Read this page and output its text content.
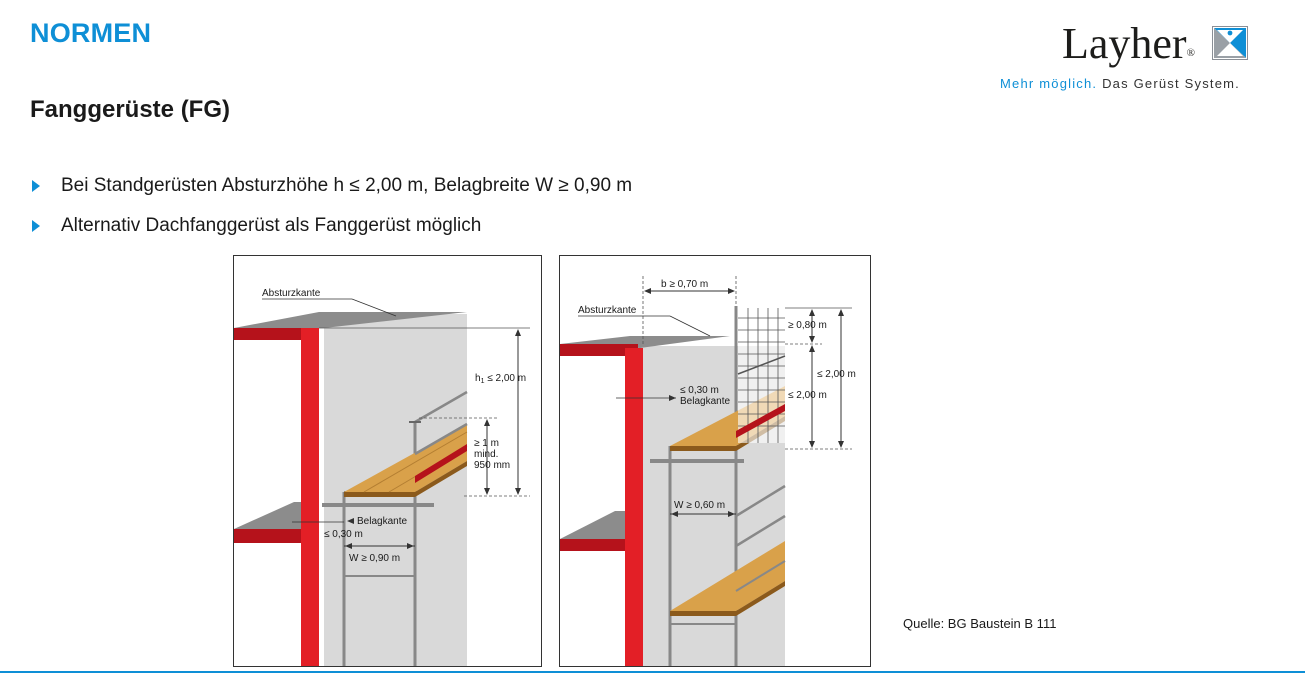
NORMEN	Layher®
Mehr möglich. Das Gerüst System.
Fanggerüste (FG)
Bei Standgerüsten Absturzhöhe h ≤ 2,00 m, Belagbreite W ≥ 0,90 m
Alternativ Dachfanggerüst als Fanggerüst möglich
$h_1 \le 2,00$ m
≥ 1 m
mind.
950 mm
Absturzkante
Belagkante
≤ 0,30 m
W ≥ 0,90 m
b ≥ 0,70 m
≥ 0,80 m
≤ 2,00 m
≤ 2,00 m
Absturzkante
≤ 0,30 m
Belagkante
W ≥ 0,60 m
Quelle: BG Baustein B 111
